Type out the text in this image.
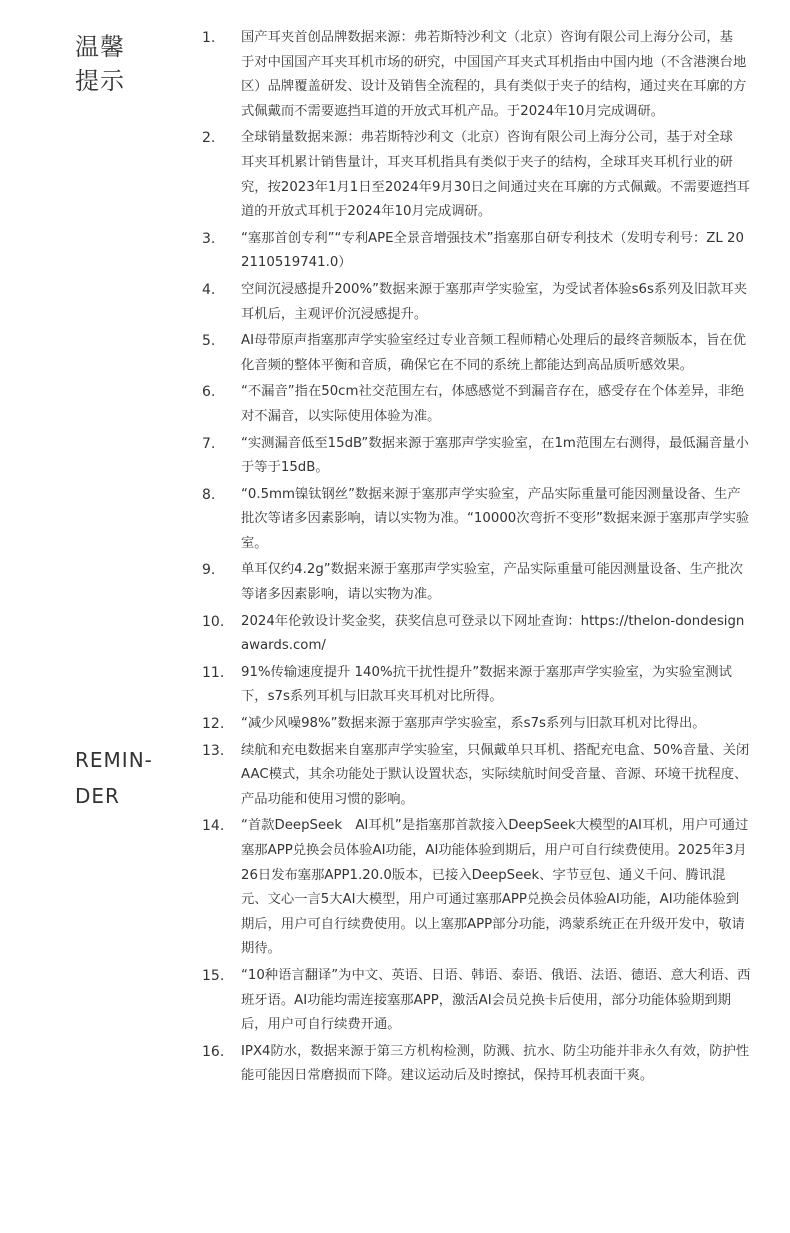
温馨
提示
REMIN-
DER
1. 国产耳夹首创品牌数据来源：弗若斯特沙利文（北京）咨询有限公司上海分公司，基　于对中国国产耳夹耳机市场的研究，中国国产耳夹式耳机指由中国内地（不含港澳台地区）品牌覆盖研发、设计及销售全流程的，具有类似于夹子的结构，通过夹在耳廓的方式佩戴而不需要遮挡耳道的开放式耳机产品。于2024年10月完成调研。
2. 全球销量数据来源：弗若斯特沙利文（北京）咨询有限公司上海分公司，基于对全球　耳夹耳机累计销售量计，耳夹耳机指具有类似于夹子的结构，全球耳夹耳机行业的研究，按2023年1月1日至2024年9月30日之间通过夹在耳廓的方式佩戴。不需要遮挡耳道的开放式耳机于2024年10月完成调研。
3. “塞那首创专利”“专利APE全景音增强技术”指塞那自研专利技术（发明专利号：ZL 202110519741.0）
4. 空间沉浸感提升200%”数据来源于塞那声学实验室，为受试者体验s6s系列及旧款耳夹耳机后，主观评价沉浸感提升。
5. AI母带原声指塞那声学实验室经过专业音频工程师精心处理后的最终音频版本，旨在优化音频的整体平衡和音质，确保它在不同的系统上都能达到高品质听感效果。
6. “不漏音”指在50cm社交范围左右，体感感觉不到漏音存在，感受存在个体差异，非绝对不漏音，以实际使用体验为准。
7. “实测漏音低至15dB”数据来源于塞那声学实验室，在1m范围左右测得，最低漏音量小于等于15dB。
8. “0.5mm镍钛钢丝”数据来源于塞那声学实验室，产品实际重量可能因测量设备、生产批次等诸多因素影响，请以实物为准。“10000次弯折不变形”数据来源于塞那声学实验室。
9. 单耳仅约4.2g”数据来源于塞那声学实验室，产品实际重量可能因测量设备、生产批次等诸多因素影响，请以实物为准。
10. 2024年伦敦设计奖金奖，获奖信息可登录以下网址查询：https://thelon-dondesignawards.com/
11. 91%传输速度提升 140%抗干扰性提升”数据来源于塞那声学实验室，为实验室测试下，s7s系列耳机与旧款耳夹耳机对比所得。
12. “减少风噪98%”数据来源于塞那声学实验室，系s7s系列与旧款耳机对比得出。
13. 续航和充电数据来自塞那声学实验室，只佩戴单只耳机、搭配充电盒、50%音量、关闭AAC模式，其余功能处于默认设置状态，实际续航时间受音量、音源、环境干扰程度、产品功能和使用习惯的影响。
14. “首款DeepSeek　AI耳机”是指塞那首款接入DeepSeek大模型的AI耳机，用户可通过塞那APP兑换会员体验AI功能，AI功能体验到期后，用户可自行续费使用。2025年3月26日发布塞那APP1.20.0版本，已接入DeepSeek、字节豆包、通义千问、腾讯混元、文心一言5大AI大模型，用户可通过塞那APP兑换会员体验AI功能，AI功能体验到期后，用户可自行续费使用。以上塞那APP部分功能，鸿蒙系统正在升级开发中，敬请期待。
15. “10种语言翻译”为中文、英语、日语、韩语、泰语、俄语、法语、德语、意大利语、西班牙语。AI功能均需连接塞那APP，激活AI会员兑换卡后使用，部分功能体验期到期后，用户可自行续费开通。
16. IPX4防水，数据来源于第三方机构检测，防溅、抗水、防尘功能并非永久有效，防护性能可能因日常磨损而下降。建议运动后及时擦拭，保持耳机表面干爽。
